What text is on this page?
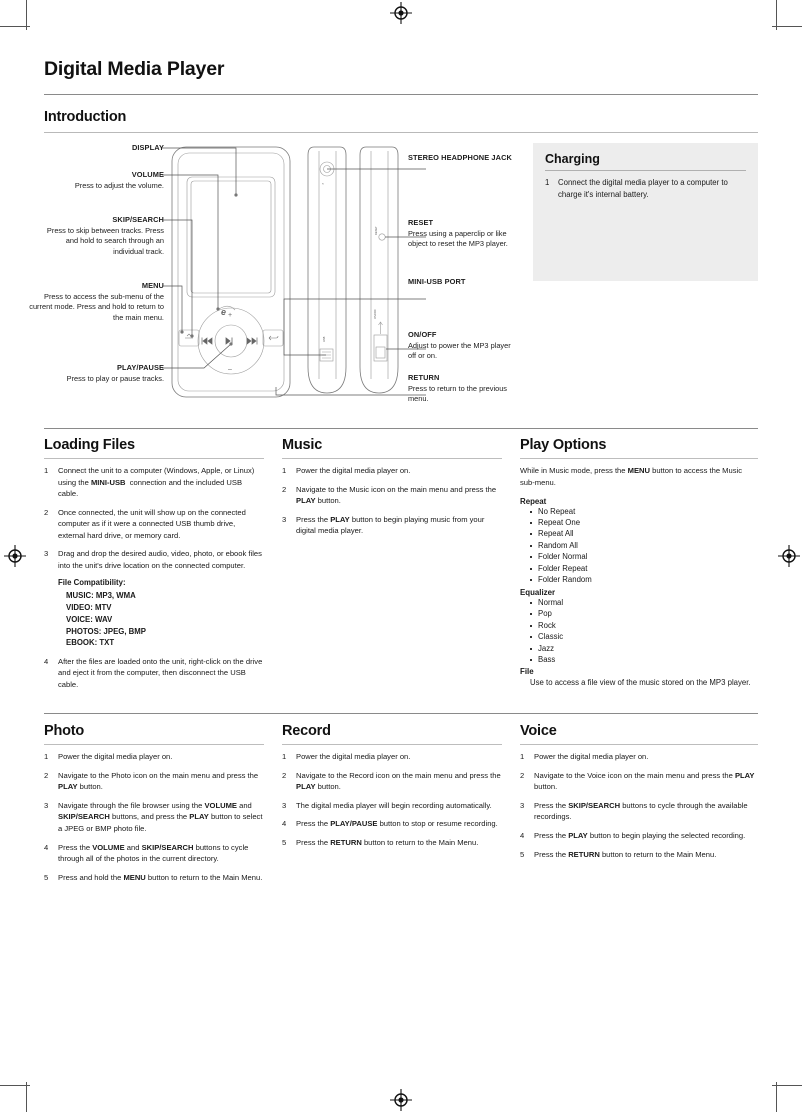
Digital Media Player
Introduction
DISPLAY
VOLUME
Press to adjust the volume.
SKIP/SEARCH
Press to skip between tracks. Press and hold to search through an individual track.
MENU
Press to access the sub-menu of the current mode. Press and hold to return to the main menu.
PLAY/PAUSE
Press to play or pause tracks.
STEREO HEADPHONE JACK
RESET
Press using a paperclip or like object to reset the MP3 player.
MINI-USB PORT
ON/OFF
Adjust to power the MP3 player off or on.
RETURN
Press to return to the previous menu.
e +
–
J
USB
RESET
ON/OFF
Charging
1	Connect the digital media player to a computer to charge it's internal battery.
Loading Files
1	Connect the unit to a computer (Windows, Apple, or Linux) using the MINI-USB  connection and the included USB cable.
2	Once connected, the unit will show up on the connected computer as if it were a connected USB thumb drive, external hard drive, or memory card.
3	Drag and drop the desired audio, video, photo, or ebook files into the unit's drive location on the connected computer.
File Compatibility:
MUSIC: MP3, WMA
VIDEO: MTV
VOICE: WAV
PHOTOS: JPEG, BMP
EBOOK: TXT
4	After the files are loaded onto the unit, right-click on the drive and eject it from the computer, then disconnect the USB cable.
Music
1	Power the digital media player on.
2	Navigate to the Music icon on the main menu and press the PLAY button.
3	Press the PLAY button to begin playing music from your digital media player.
Play Options
While in Music mode, press the MENU button to access the Music sub-menu.
Repeat
No Repeat
Repeat One
Repeat All
Random All
Folder Normal
Folder Repeat
Folder Random
Equalizer
Normal
Pop
Rock
Classic
Jazz
Bass
File
Use to access a file view of the music stored on the MP3 player.
Photo
1	Power the digital media player on.
2	Navigate to the Photo icon on the main menu and press the PLAY button.
3	Navigate through the file browser using the VOLUME and SKIP/SEARCH buttons, and press the PLAY button to select a JPEG or BMP photo file.
4	Press the VOLUME and SKIP/SEARCH buttons to cycle through all of the photos in the current directory.
5	Press and hold the MENU button to return to the Main Menu.
Record
1	Power the digital media player on.
2	Navigate to the Record icon on the main menu and press the PLAY button.
3	The digital media player will begin recording automatically.
4	Press the PLAY/PAUSE button to stop or resume recording.
5	Press the RETURN button to return to the Main Menu.
Voice
1	Power the digital media player on.
2	Navigate to the Voice icon on the main menu and press the PLAY button.
3	Press the SKIP/SEARCH buttons to cycle through the available recordings.
4	Press the PLAY button to begin playing the selected recording.
5	Press the RETURN button to return to the Main Menu.
